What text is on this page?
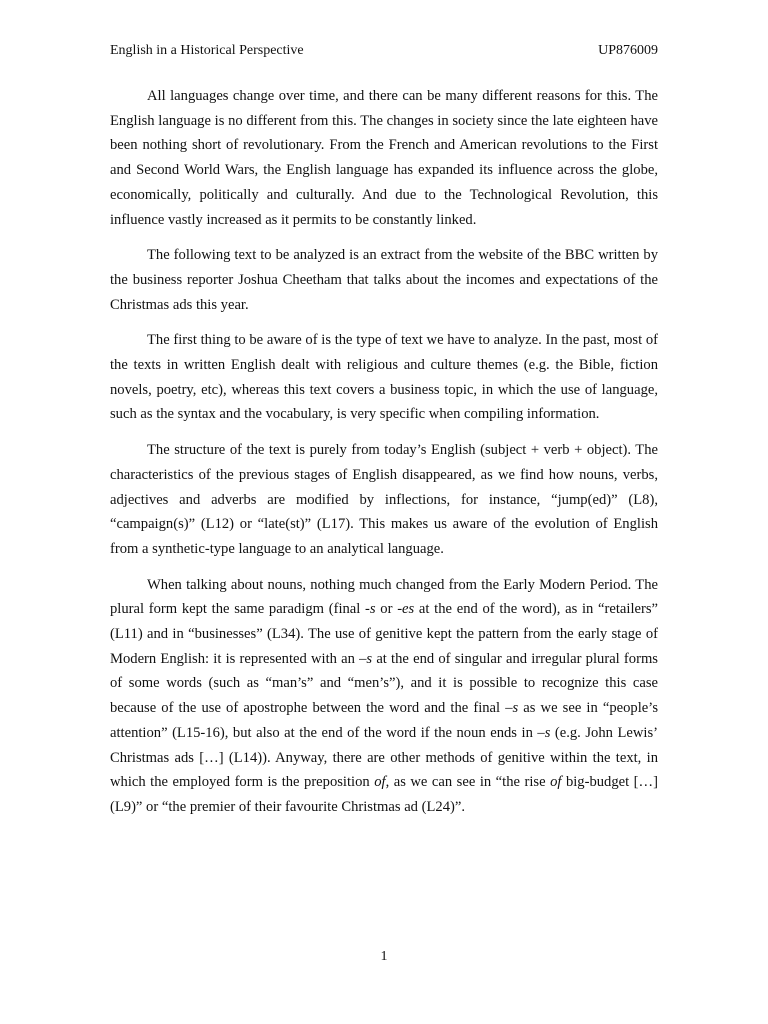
English in a Historical Perspective	UP876009

All languages change over time, and there can be many different reasons for this. The English language is no different from this. The changes in society since the late eighteen have been nothing short of revolutionary. From the French and American revolutions to the First and Second World Wars, the English language has expanded its influence across the globe, economically, politically and culturally. And due to the Technological Revolution, this influence vastly increased as it permits to be constantly linked.

The following text to be analyzed is an extract from the website of the BBC written by the business reporter Joshua Cheetham that talks about the incomes and expectations of the Christmas ads this year.

The first thing to be aware of is the type of text we have to analyze. In the past, most of the texts in written English dealt with religious and culture themes (e.g. the Bible, fiction novels, poetry, etc), whereas this text covers a business topic, in which the use of language, such as the syntax and the vocabulary, is very specific when compiling information.

The structure of the text is purely from today’s English (subject + verb + object). The characteristics of the previous stages of English disappeared, as we find how nouns, verbs, adjectives and adverbs are modified by inflections, for instance, “jump(ed)” (L8), “campaign(s)” (L12) or “late(st)” (L17). This makes us aware of the evolution of English from a synthetic-type language to an analytical language.

When talking about nouns, nothing much changed from the Early Modern Period. The plural form kept the same paradigm (final -s or -es at the end of the word), as in “retailers” (L11) and in “businesses” (L34). The use of genitive kept the pattern from the early stage of Modern English: it is represented with an –s at the end of singular and irregular plural forms of some words (such as “man’s” and “men’s”), and it is possible to recognize this case because of the use of apostrophe between the word and the final –s as we see in “people’s attention” (L15-16), but also at the end of the word if the noun ends in –s (e.g. John Lewis’ Christmas ads […] (L14)). Anyway, there are other methods of genitive within the text, in which the employed form is the preposition of, as we can see in “the rise of big-budget […] (L9)” or “the premier of their favourite Christmas ad (L24)”.

1
